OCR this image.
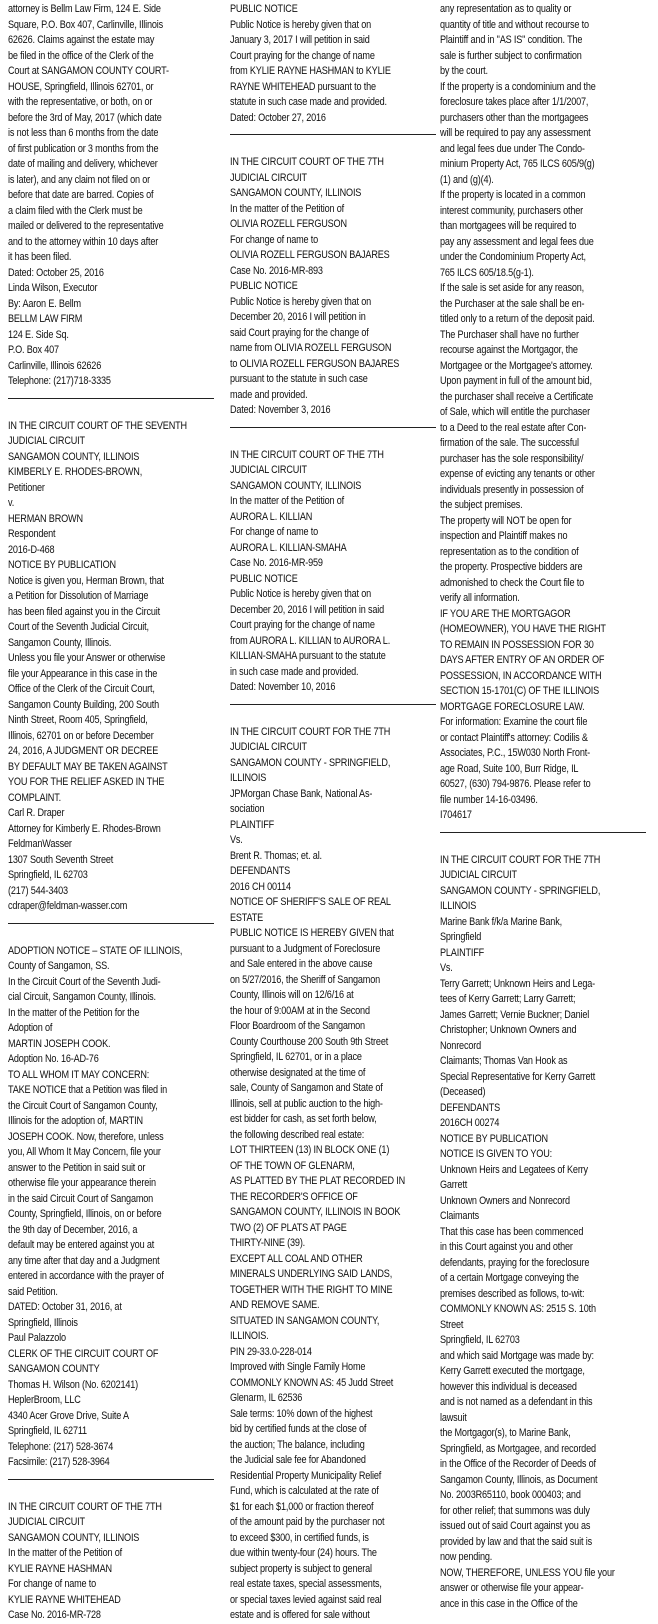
attorney is Bellm Law Firm, 124 E. Side
Square, P.O. Box 407, Carlinville, Illinois
62626. Claims against the estate may
be filed in the office of the Clerk of the
Court at SANGAMON COUNTY COURT-
HOUSE, Springfield, Illinois 62701, or
with the representative, or both, on or
before the 3rd of May, 2017 (which date
is not less than 6 months from the date
of first publication or 3 months from the
date of mailing and delivery, whichever
is later), and any claim not filed on or
before that date are barred. Copies of
a claim filed with the Clerk must be
mailed or delivered to the representative
and to the attorney within 10 days after
it has been filed.
Dated: October 25, 2016
Linda Wilson, Executor
By: Aaron E. Bellm
BELLM LAW FIRM
124 E. Side Sq.
P.O. Box 407
Carlinville, Illinois 62626
Telephone: (217)718-3335
IN THE CIRCUIT COURT OF THE SEVENTH
JUDICIAL CIRCUIT
SANGAMON COUNTY, ILLINOIS
KIMBERLY E. RHODES-BROWN,
Petitioner
v.
HERMAN BROWN
Respondent
2016-D-468
NOTICE BY PUBLICATION
Notice is given you, Herman Brown, that
a Petition for Dissolution of Marriage
has been filed against you in the Circuit
Court of the Seventh Judicial Circuit,
Sangamon County, Illinois.
Unless you file your Answer or otherwise
file your Appearance in this case in the
Office of the Clerk of the Circuit Court,
Sangamon County Building, 200 South
Ninth Street, Room 405, Springfield,
Illinois, 62701 on or before December
24, 2016, A JUDGMENT OR DECREE
BY DEFAULT MAY BE TAKEN AGAINST
YOU FOR THE RELIEF ASKED IN THE
COMPLAINT.
Carl R. Draper
Attorney for Kimberly E. Rhodes-Brown
FeldmanWasser
1307 South Seventh Street
Springfield, IL 62703
(217) 544-3403
cdraper@feldman-wasser.com
ADOPTION NOTICE – STATE OF ILLINOIS,
County of Sangamon, SS.
In the Circuit Court of the Seventh Judi-
cial Circuit, Sangamon County, Illinois.
In the matter of the Petition for the
Adoption of
MARTIN JOSEPH COOK.
Adoption No. 16-AD-76
TO ALL WHOM IT MAY CONCERN:
TAKE NOTICE that a Petition was filed in
the Circuit Court of Sangamon County,
Illinois for the adoption of, MARTIN
JOSEPH COOK. Now, therefore, unless
you, All Whom It May Concern, file your
answer to the Petition in said suit or
otherwise file your appearance therein
in the said Circuit Court of Sangamon
County, Springfield, Illinois, on or before
the 9th day of December, 2016, a
default may be entered against you at
any time after that day and a Judgment
entered in accordance with the prayer of
said Petition.
DATED: October 31, 2016, at
Springfield, Illinois
Paul Palazzolo
CLERK OF THE CIRCUIT COURT OF
SANGAMON COUNTY
Thomas H. Wilson (No. 6202141)
HeplerBroom, LLC
4340 Acer Grove Drive, Suite A
Springfield, IL 62711
Telephone: (217) 528-3674
Facsimile: (217) 528-3964
IN THE CIRCUIT COURT OF THE 7TH
JUDICIAL CIRCUIT
SANGAMON COUNTY, ILLINOIS
In the matter of the Petition of
KYLIE RAYNE HASHMAN
For change of name to
KYLIE RAYNE WHITEHEAD
Case No. 2016-MR-728
PUBLIC NOTICE
Public Notice is hereby given that on
January 3, 2017 I will petition in said
Court praying for the change of name
from KYLIE RAYNE HASHMAN to KYLIE
RAYNE WHITEHEAD pursuant to the
statute in such case made and provided.
Dated: October 27, 2016
IN THE CIRCUIT COURT OF THE 7TH
JUDICIAL CIRCUIT
SANGAMON COUNTY, ILLINOIS
In the matter of the Petition of
OLIVIA ROZELL FERGUSON
For change of name to
OLIVIA ROZELL FERGUSON BAJARES
Case No. 2016-MR-893
PUBLIC NOTICE
Public Notice is hereby given that on
December 20, 2016 I will petition in
said Court praying for the change of
name from OLIVIA ROZELL FERGUSON
to OLIVIA ROZELL FERGUSON BAJARES
pursuant to the statute in such case
made and provided.
Dated: November 3, 2016
IN THE CIRCUIT COURT OF THE 7TH
JUDICIAL CIRCUIT
SANGAMON COUNTY, ILLINOIS
In the matter of the Petition of
AURORA L. KILLIAN
For change of name to
AURORA L. KILLIAN-SMAHA
Case No. 2016-MR-959
PUBLIC NOTICE
Public Notice is hereby given that on
December 20, 2016 I will petition in said
Court praying for the change of name
from AURORA L. KILLIAN to AURORA L.
KILLIAN-SMAHA pursuant to the statute
in such case made and provided.
Dated: November 10, 2016
IN THE CIRCUIT COURT FOR THE 7TH
JUDICIAL CIRCUIT
SANGAMON COUNTY - SPRINGFIELD,
ILLINOIS
JPMorgan Chase Bank, National As-
sociation
PLAINTIFF
Vs.
Brent R. Thomas; et. al.
DEFENDANTS
2016 CH 00114
NOTICE OF SHERIFF'S SALE OF REAL
ESTATE
PUBLIC NOTICE IS HEREBY GIVEN that
pursuant to a Judgment of Foreclosure
and Sale entered in the above cause
on 5/27/2016, the Sheriff of Sangamon
County, Illinois will on 12/6/16 at
the hour of 9:00AM at in the Second
Floor Boardroom of the Sangamon
County Courthouse 200 South 9th Street
Springfield, IL 62701, or in a place
otherwise designated at the time of
sale, County of Sangamon and State of
Illinois, sell at public auction to the high-
est bidder for cash, as set forth below,
the following described real estate:
LOT THIRTEEN (13) IN BLOCK ONE (1)
OF THE TOWN OF GLENARM,
AS PLATTED BY THE PLAT RECORDED IN
THE RECORDER'S OFFICE OF
SANGAMON COUNTY, ILLINOIS IN BOOK
TWO (2) OF PLATS AT PAGE
THIRTY-NINE (39).
EXCEPT ALL COAL AND OTHER
MINERALS UNDERLYING SAID LANDS,
TOGETHER WITH THE RIGHT TO MINE
AND REMOVE SAME.
SITUATED IN SANGAMON COUNTY,
ILLINOIS.
PIN 29-33.0-228-014
Improved with Single Family Home
COMMONLY KNOWN AS: 45 Judd Street
Glenarm, IL 62536
Sale terms: 10% down of the highest
bid by certified funds at the close of
the auction; The balance, including
the Judicial sale fee for Abandoned
Residential Property Municipality Relief
Fund, which is calculated at the rate of
$1 for each $1,000 or fraction thereof
of the amount paid by the purchaser not
to exceed $300, in certified funds, is
due within twenty-four (24) hours. The
subject property is subject to general
real estate taxes, special assessments,
or special taxes levied against said real
estate and is offered for sale without
any representation as to quality or
quantity of title and without recourse to
Plaintiff and in "AS IS" condition. The
sale is further subject to confirmation
by the court.
If the property is a condominium and the
foreclosure takes place after 1/1/2007,
purchasers other than the mortgagees
will be required to pay any assessment
and legal fees due under The Condo-
minium Property Act, 765 ILCS 605/9(g)
(1) and (g)(4).
If the property is located in a common
interest community, purchasers other
than mortgagees will be required to
pay any assessment and legal fees due
under the Condominium Property Act,
765 ILCS 605/18.5(g-1).
If the sale is set aside for any reason,
the Purchaser at the sale shall be en-
titled only to a return of the deposit paid.
The Purchaser shall have no further
recourse against the Mortgagor, the
Mortgagee or the Mortgagee's attorney.
Upon payment in full of the amount bid,
the purchaser shall receive a Certificate
of Sale, which will entitle the purchaser
to a Deed to the real estate after Con-
firmation of the sale. The successful
purchaser has the sole responsibility/
expense of evicting any tenants or other
individuals presently in possession of
the subject premises.
The property will NOT be open for
inspection and Plaintiff makes no
representation as to the condition of
the property. Prospective bidders are
admonished to check the Court file to
verify all information.
IF YOU ARE THE MORTGAGOR
(HOMEOWNER), YOU HAVE THE RIGHT
TO REMAIN IN POSSESSION FOR 30
DAYS AFTER ENTRY OF AN ORDER OF
POSSESSION, IN ACCORDANCE WITH
SECTION 15-1701(C) OF THE ILLINOIS
MORTGAGE FORECLOSURE LAW.
For information: Examine the court file
or contact Plaintiff's attorney: Codilis &
Associates, P.C., 15W030 North Front-
age Road, Suite 100, Burr Ridge, IL
60527, (630) 794-9876. Please refer to
file number 14-16-03496.
I704617
IN THE CIRCUIT COURT FOR THE 7TH
JUDICIAL CIRCUIT
SANGAMON COUNTY - SPRINGFIELD,
ILLINOIS
Marine Bank f/k/a Marine Bank,
Springfield
PLAINTIFF
Vs.
Terry Garrett; Unknown Heirs and Lega-
tees of Kerry Garrett; Larry Garrett;
James Garrett; Vernie Buckner; Daniel
Christopher; Unknown Owners and
Nonrecord
Claimants; Thomas Van Hook as
Special Representative for Kerry Garrett
(Deceased)
DEFENDANTS
2016CH 00274
NOTICE BY PUBLICATION
NOTICE IS GIVEN TO YOU:
Unknown Heirs and Legatees of Kerry
Garrett
Unknown Owners and Nonrecord
Claimants
That this case has been commenced
in this Court against you and other
defendants, praying for the foreclosure
of a certain Mortgage conveying the
premises described as follows, to-wit:
COMMONLY KNOWN AS: 2515 S. 10th
Street
Springfield, IL 62703
and which said Mortgage was made by:
Kerry Garrett executed the mortgage,
however this individual is deceased
and is not named as a defendant in this
lawsuit
the Mortgagor(s), to Marine Bank,
Springfield, as Mortgagee, and recorded
in the Office of the Recorder of Deeds of
Sangamon County, Illinois, as Document
No. 2003R65110, book 000403; and
for other relief; that summons was duly
issued out of said Court against you as
provided by law and that the said suit is
now pending.
NOW, THEREFORE, UNLESS YOU file your
answer or otherwise file your appear-
ance in this case in the Office of the
